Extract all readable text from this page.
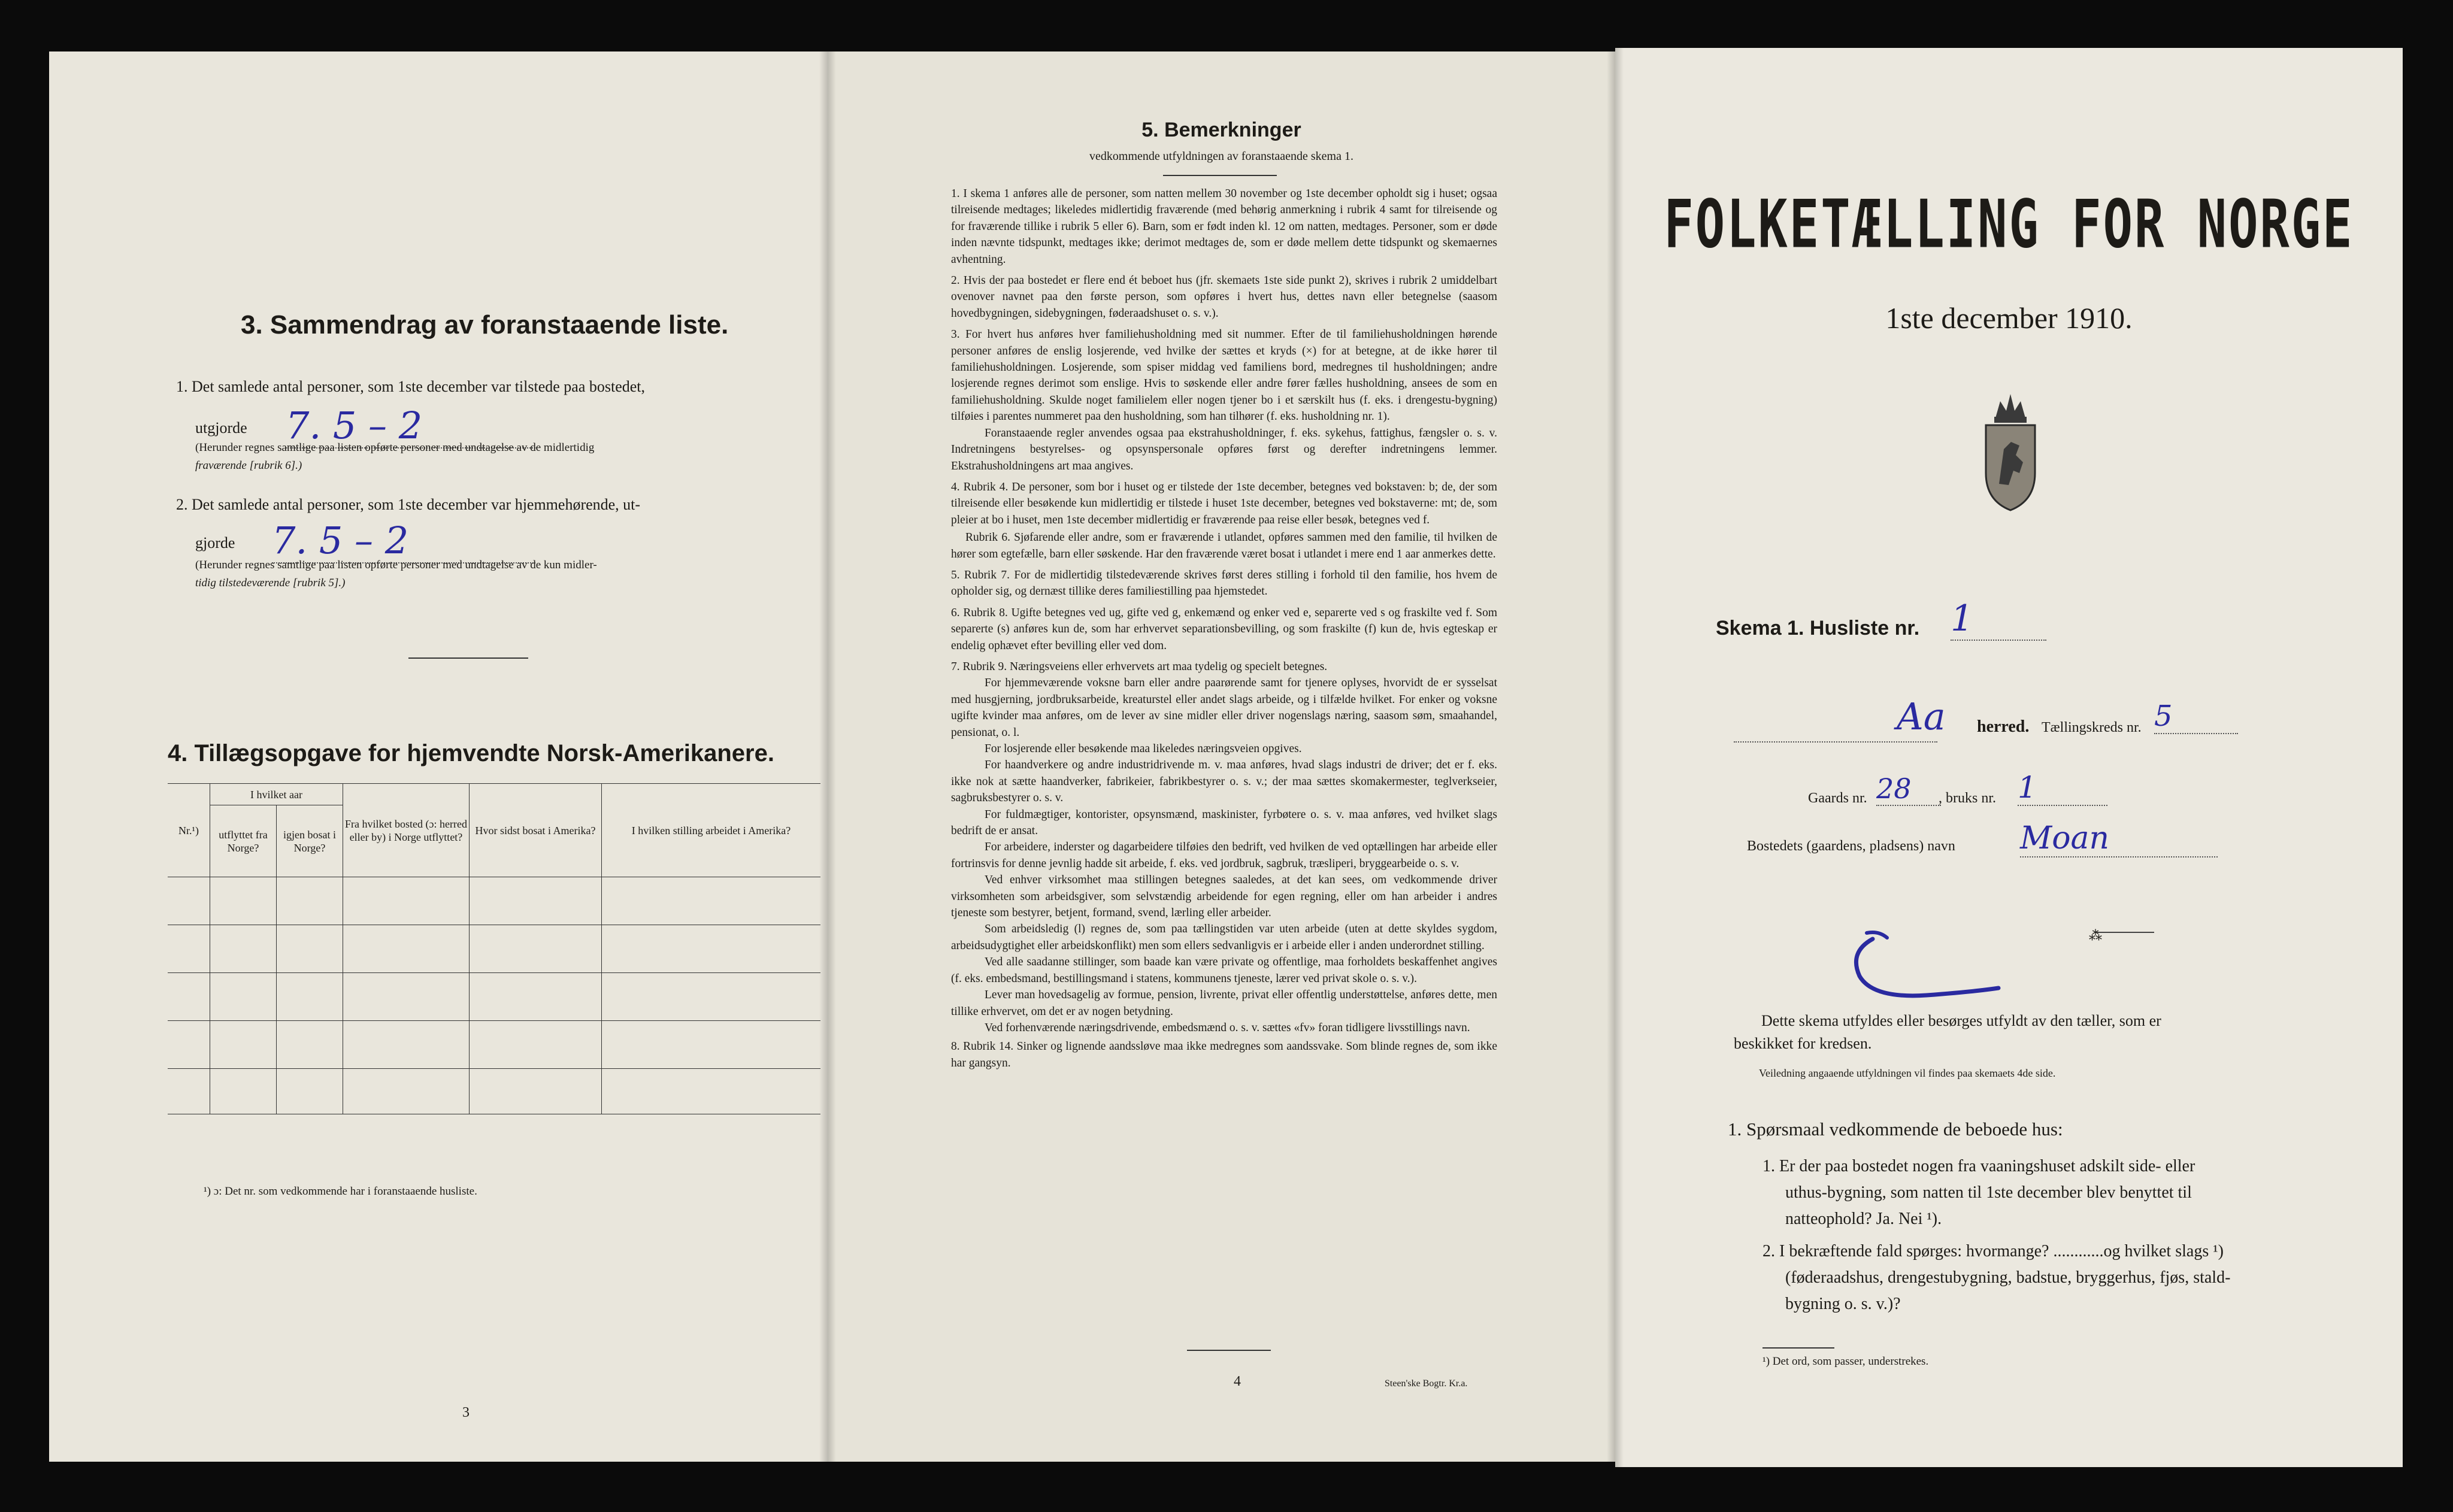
3. Sammendrag av foranstaaende liste.
1. Det samlede antal personer, som 1ste december var tilstede paa bostedet,
utgjorde 7. 5 – 2
(Herunder regnes samtlige paa listen opførte personer med undtagelse av de midlertidig
fraværende [rubrik 6].)
2. Det samlede antal personer, som 1ste december var hjemmehørende, ut-
gjorde 7. 5 – 2
(Herunder regnes samtlige paa listen opførte personer med undtagelse av de kun midler-
tidig tilstedeværende [rubrik 5].)
4. Tillægsopgave for hjemvendte Norsk-Amerikanere.
Nr.¹)	I hvilket aar		Fra hvilket bosted (ɔ: herred eller by) i Norge utflyttet?	Hvor sidst bosat i Amerika?	I hvilken stilling arbeidet i Amerika?
	utflyttet fra Norge?	igjen bosat i Norge?			

¹) ɔ: Det nr. som vedkommende har i foranstaaende husliste.
3
5. Bemerkninger
vedkommende utfyldningen av foranstaaende skema 1.

1. I skema 1 anføres alle de personer, som natten mellem 30 november og 1ste december opholdt sig i huset; ogsaa tilreisende medtages; likeledes midlertidig fraværende (med behørig anmerkning i rubrik 4 samt for tilreisende og for fraværende tillike i rubrik 5 eller 6). Barn, som er født inden kl. 12 om natten, medtages. Personer, som er døde inden nævnte tidspunkt, medtages ikke; derimot medtages de, som er døde mellem dette tidspunkt og skemaernes avhentning.

2. Hvis der paa bostedet er flere end ét beboet hus (jfr. skemaets 1ste side punkt 2), skrives i rubrik 2 umiddelbart ovenover navnet paa den første person, som opføres i hvert hus, dettes navn eller betegnelse (saasom hovedbygningen, sidebygningen, føderaadshuset o. s. v.).

3. For hvert hus anføres hver familiehusholdning med sit nummer. Efter de til familiehusholdningen hørende personer anføres de enslig losjerende, ved hvilke der sættes et kryds (×) for at betegne, at de ikke hører til familiehusholdningen. Losjerende, som spiser middag ved familiens bord, medregnes til husholdningen; andre losjerende regnes derimot som enslige. Hvis to søskende eller andre fører fælles husholdning, ansees de som en familiehusholdning. Skulde noget familielem eller nogen tjener bo i et særskilt hus (f. eks. i drengestu-bygning) tilføies i parentes nummeret paa den husholdning, som han tilhører (f. eks. husholdning nr. 1).

Foranstaaende regler anvendes ogsaa paa ekstrahusholdninger, f. eks. sykehus, fattighus, fængsler o. s. v. Indretningens bestyrelses- og opsynspersonale opføres først og derefter indretningens lemmer. Ekstrahusholdningens art maa angives.

4. Rubrik 4. De personer, som bor i huset og er tilstede der 1ste december, betegnes ved bokstaven: b; de, der som tilreisende eller besøkende kun midlertidig er tilstede i huset 1ste december, betegnes ved bokstaverne: mt; de, som pleier at bo i huset, men 1ste december midlertidig er fraværende paa reise eller besøk, betegnes ved f.

Rubrik 6. Sjøfarende eller andre, som er fraværende i utlandet, opføres sammen med den familie, til hvilken de hører som egtefælle, barn eller søskende. Har den fraværende været bosat i utlandet i mere end 1 aar anmerkes dette.

5. Rubrik 7. For de midlertidig tilstedeværende skrives først deres stilling i forhold til den familie, hos hvem de opholder sig, og dernæst tillike deres familiestilling paa hjemstedet.

6. Rubrik 8. Ugifte betegnes ved ug, gifte ved g, enkemænd og enker ved e, separerte ved s og fraskilte ved f. Som separerte (s) anføres kun de, som har erhvervet separationsbevilling, og som fraskilte (f) kun de, hvis egteskap er endelig ophævet efter bevilling eller ved dom.

7. Rubrik 9. Næringsveiens eller erhvervets art maa tydelig og specielt betegnes.

For hjemmeværende voksne barn eller andre paarørende samt for tjenere oplyses, hvorvidt de er sysselsat med husgjerning, jordbruksarbeide, kreaturstel eller andet slags arbeide, og i tilfælde hvilket. For enker og voksne ugifte kvinder maa anføres, om de lever av sine midler eller driver nogenslags næring, saasom søm, smaahandel, pensionat, o. l.

For losjerende eller besøkende maa likeledes næringsveien opgives.

For haandverkere og andre industridrivende m. v. maa anføres, hvad slags industri de driver; det er f. eks. ikke nok at sætte haandverker, fabrikeier, fabrikbestyrer o. s. v.; der maa sættes skomakermester, teglverkseier, sagbruksbestyrer o. s. v.

For fuldmægtiger, kontorister, opsynsmænd, maskinister, fyrbøtere o. s. v. maa anføres, ved hvilket slags bedrift de er ansat.

For arbeidere, inderster og dagarbeidere tilføies den bedrift, ved hvilken de ved optællingen har arbeide eller fortrinsvis for denne jevnlig hadde sit arbeide, f. eks. ved jordbruk, sagbruk, træsliperi, bryggearbeide o. s. v.

Ved enhver virksomhet maa stillingen betegnes saaledes, at det kan sees, om vedkommende driver virksomheten som arbeidsgiver, som selvstændig arbeidende for egen regning, eller om han arbeider i andres tjeneste som bestyrer, betjent, formand, svend, lærling eller arbeider.

Som arbeidsledig (l) regnes de, som paa tællingstiden var uten arbeide (uten at dette skyldes sygdom, arbeidsudygtighet eller arbeidskonflikt) men som ellers sedvanligvis er i arbeide eller i anden underordnet stilling.

Ved alle saadanne stillinger, som baade kan være private og offentlige, maa forholdets beskaffenhet angives (f. eks. embedsmand, bestillingsmand i statens, kommunens tjeneste, lærer ved privat skole o. s. v.).

Lever man hovedsagelig av formue, pension, livrente, privat eller offentlig understøttelse, anføres dette, men tillike erhvervet, om det er av nogen betydning.

Ved forhenværende næringsdrivende, embedsmænd o. s. v. sættes «fv» foran tidligere livsstillings navn.

8. Rubrik 14. Sinker og lignende aandssløve maa ikke medregnes som aandssvake. Som blinde regnes de, som ikke har gangsyn.

4	Steen'ske Bogtr. Kr.a.
FOLKETÆLLING FOR NORGE
1ste december 1910.
Skema 1. Husliste nr. 1
Aa herred. Tællingskreds nr. 5
Gaards nr. 28	, bruks nr. 1
Bostedets (gaardens, pladsens) navn Moan
⁂
Dette skema utfyldes eller besørges utfyldt av den tæller, som er
beskikket for kredsen.
Veiledning angaaende utfyldningen vil findes paa skemaets 4de side.
1. Spørsmaal vedkommende de beboede hus:
1. Er der paa bostedet nogen fra vaaningshuset adskilt side- eller
uthus-bygning, som natten til 1ste december blev benyttet til
natteophold? Ja. Nei ¹).
2. I bekræftende fald spørges: hvormange? ............og hvilket slags ¹)
(føderaadshus, drengestubygning, badstue, bryggerhus, fjøs, stald-
bygning o. s. v.)?
¹) Det ord, som passer, understrekes.
